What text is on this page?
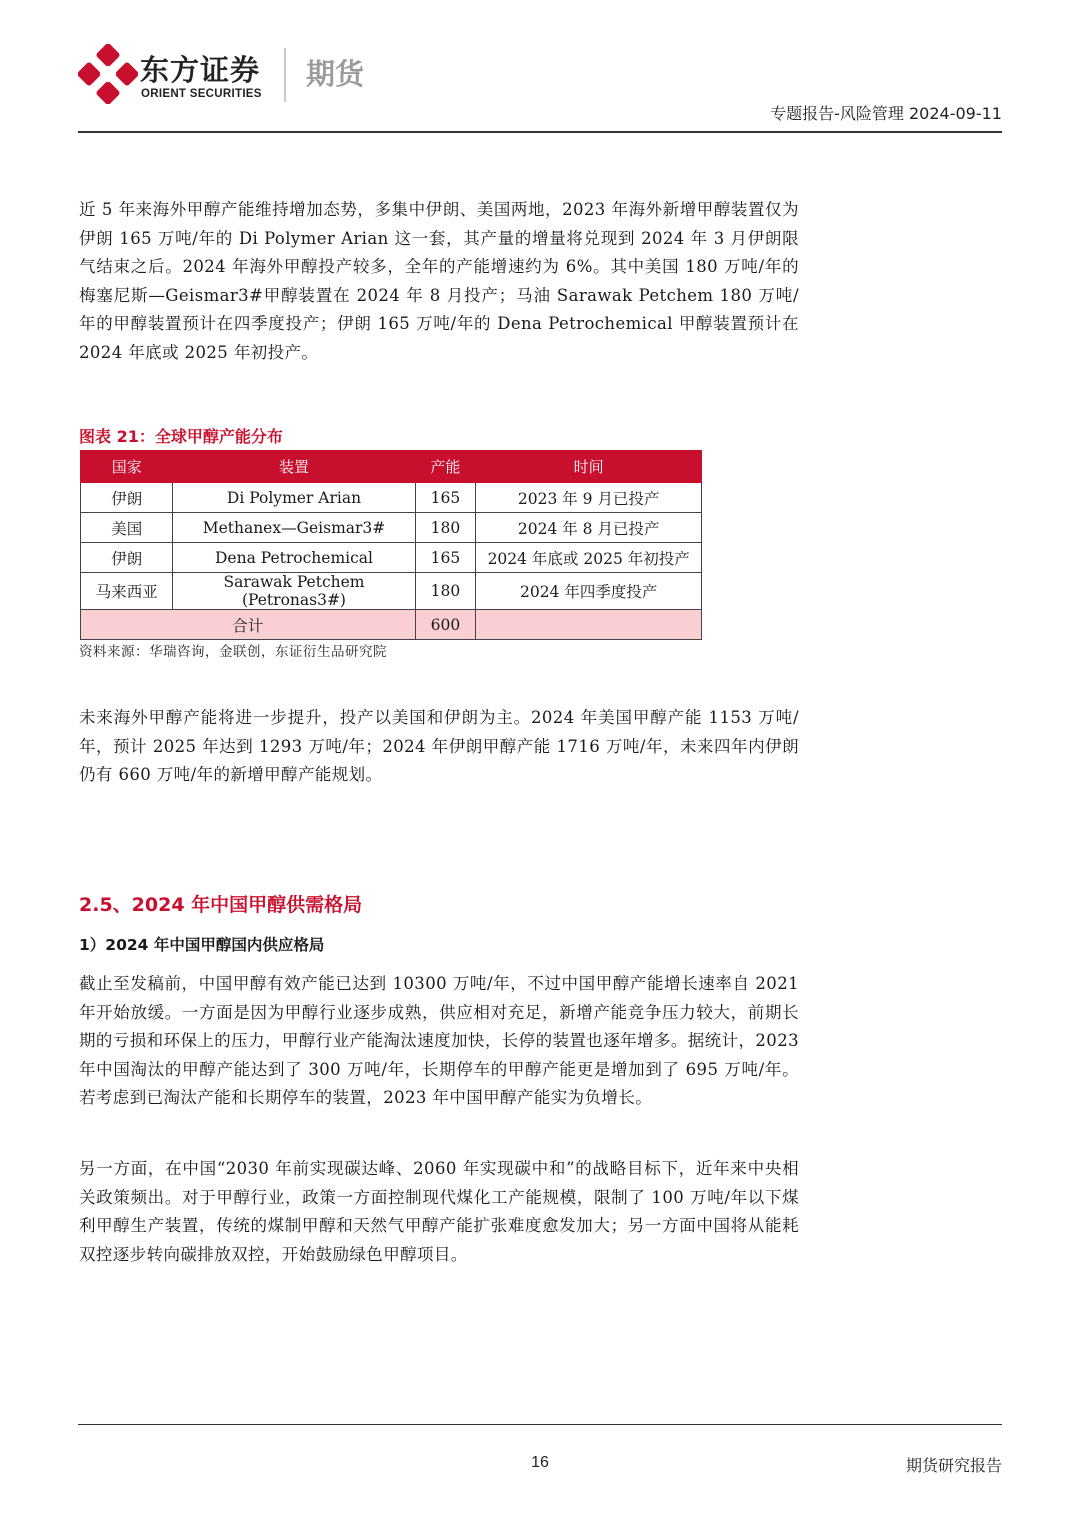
东方证券
ORIENT SECURITIES
期货
专题报告-风险管理 2024-09-11

近 5 年来海外甲醇产能维持增加态势，多集中伊朗、美国两地，2023 年海外新增甲醇装置仅为伊朗 165 万吨/年的 Di Polymer Arian 这一套，其产量的增量将兑现到 2024 年 3 月伊朗限气结束之后。2024 年海外甲醇投产较多，全年的产能增速约为 6%。其中美国 180 万吨/年的梅塞尼斯—Geismar3#甲醇装置在 2024 年 8 月投产；马油 Sarawak Petchem 180 万吨/年的甲醇装置预计在四季度投产；伊朗 165 万吨/年的 Dena Petrochemical 甲醇装置预计在 2024 年底或 2025 年初投产。

图表 21：全球甲醇产能分布
国家	装置	产能	时间
伊朗	Di Polymer Arian	165	2023 年 9 月已投产
美国	Methanex—Geismar3#	180	2024 年 8 月已投产
伊朗	Dena Petrochemical	165	2024 年底或 2025 年初投产
马来西亚	Sarawak Petchem (Petronas3#)	180	2024 年四季度投产
合计		600	
资料来源：华瑞咨询，金联创，东证衍生品研究院

未来海外甲醇产能将进一步提升，投产以美国和伊朗为主。2024 年美国甲醇产能 1153 万吨/年，预计 2025 年达到 1293 万吨/年；2024 年伊朗甲醇产能 1716 万吨/年，未来四年内伊朗仍有 660 万吨/年的新增甲醇产能规划。

2.5、2024 年中国甲醇供需格局
1）2024 年中国甲醇国内供应格局

截止至发稿前，中国甲醇有效产能已达到 10300 万吨/年，不过中国甲醇产能增长速率自 2021 年开始放缓。一方面是因为甲醇行业逐步成熟，供应相对充足，新增产能竞争压力较大，前期长期的亏损和环保上的压力，甲醇行业产能淘汰速度加快，长停的装置也逐年增多。据统计，2023 年中国淘汰的甲醇产能达到了 300 万吨/年，长期停车的甲醇产能更是增加到了 695 万吨/年。若考虑到已淘汰产能和长期停车的装置，2023 年中国甲醇产能实为负增长。

另一方面，在中国“2030 年前实现碳达峰、2060 年实现碳中和”的战略目标下，近年来中央相关政策频出。对于甲醇行业，政策一方面控制现代煤化工产能规模，限制了 100 万吨/年以下煤利甲醇生产装置，传统的煤制甲醇和天然气甲醇产能扩张难度愈发加大；另一方面中国将从能耗双控逐步转向碳排放双控，开始鼓励绿色甲醇项目。

16	期货研究报告
